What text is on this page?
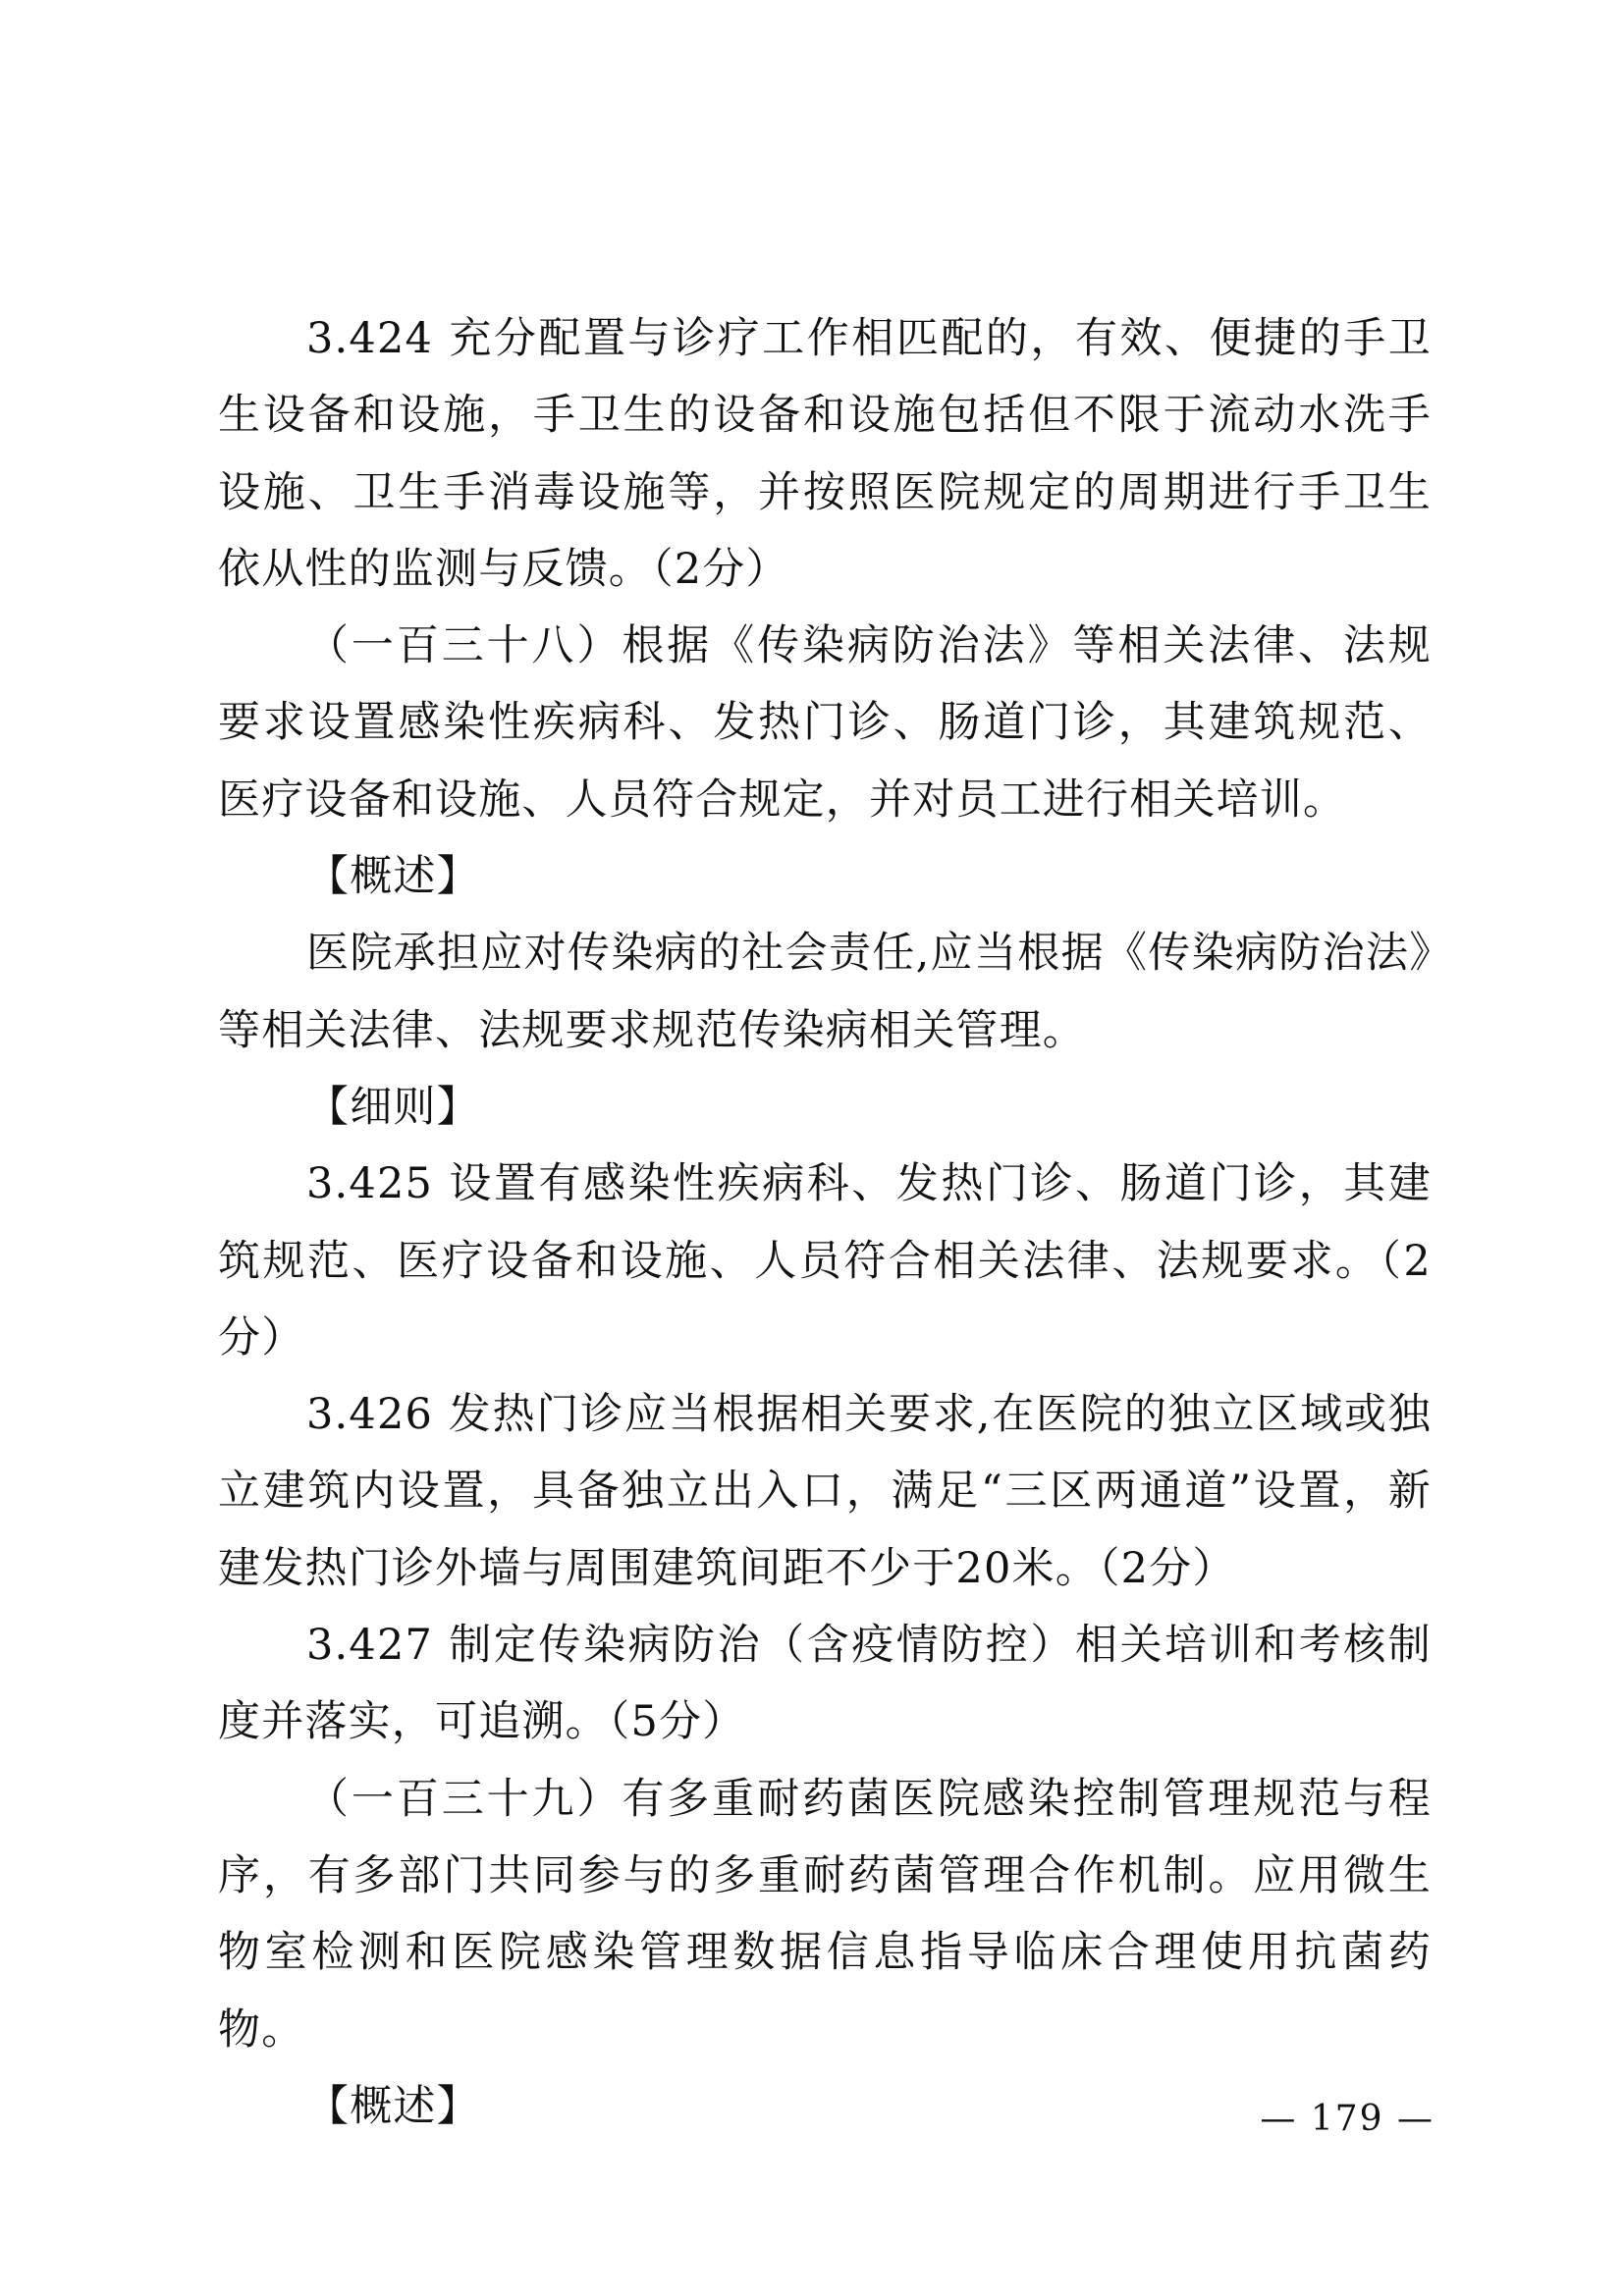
3.424 充分配置与诊疗工作相匹配的，有效、便捷的手卫生设备和设施，手卫生的设备和设施包括但不限于流动水洗手设施、卫生手消毒设施等，并按照医院规定的周期进行手卫生依从性的监测与反馈。（2分）

（一百三十八）根据《传染病防治法》等相关法律、法规要求设置感染性疾病科、发热门诊、肠道门诊，其建筑规范、医疗设备和设施、人员符合规定，并对员工进行相关培训。

【概述】

医院承担应对传染病的社会责任,应当根据《传染病防治法》等相关法律、法规要求规范传染病相关管理。

【细则】

3.425 设置有感染性疾病科、发热门诊、肠道门诊，其建筑规范、医疗设备和设施、人员符合相关法律、法规要求。（2分）

3.426 发热门诊应当根据相关要求,在医院的独立区域或独立建筑内设置，具备独立出入口，满足“三区两通道”设置，新建发热门诊外墙与周围建筑间距不少于20米。（2分）

3.427 制定传染病防治（含疫情防控）相关培训和考核制度并落实，可追溯。（5分）

（一百三十九）有多重耐药菌医院感染控制管理规范与程序，有多部门共同参与的多重耐药菌管理合作机制。应用微生物室检测和医院感染管理数据信息指导临床合理使用抗菌药物。

【概述】	— 179 —
